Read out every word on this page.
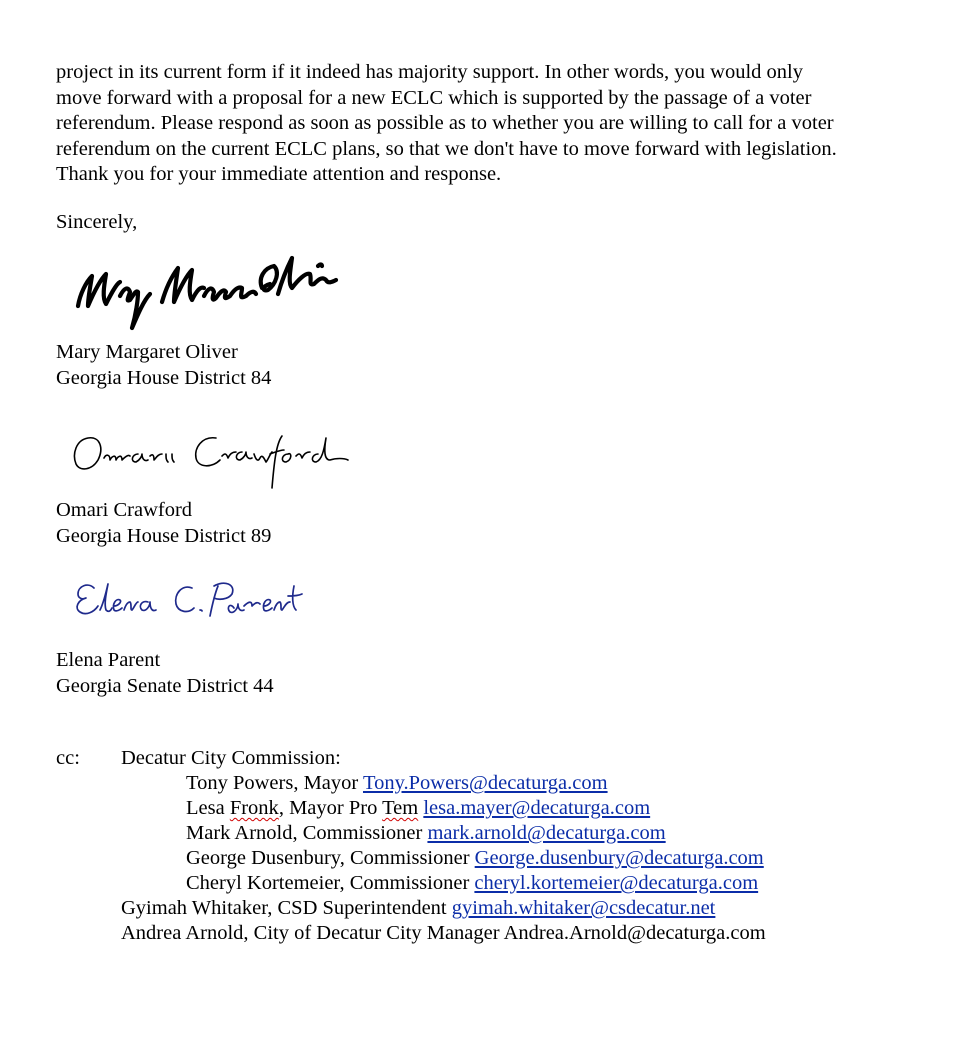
project in its current form if it indeed has majority support. In other words, you would only
move forward with a proposal for a new ECLC which is supported by the passage of a voter
referendum. Please respond as soon as possible as to whether you are willing to call for a voter
referendum on the current ECLC plans, so that we don't have to move forward with legislation.
Thank you for your immediate attention and response.
Sincerely,
Mary Margaret Oliver
Georgia House District 84
Omari Crawford
Georgia House District 89
Elena Parent
Georgia Senate District 44
cc: Decatur City Commission:
Tony Powers, Mayor Tony.Powers@decaturga.com
Lesa Fronk, Mayor Pro Tem lesa.mayer@decaturga.com
Mark Arnold, Commissioner mark.arnold@decaturga.com
George Dusenbury, Commissioner George.dusenbury@decaturga.com
Cheryl Kortemeier, Commissioner cheryl.kortemeier@decaturga.com
Gyimah Whitaker, CSD Superintendent gyimah.whitaker@csdecatur.net
Andrea Arnold, City of Decatur City Manager Andrea.Arnold@decaturga.com
